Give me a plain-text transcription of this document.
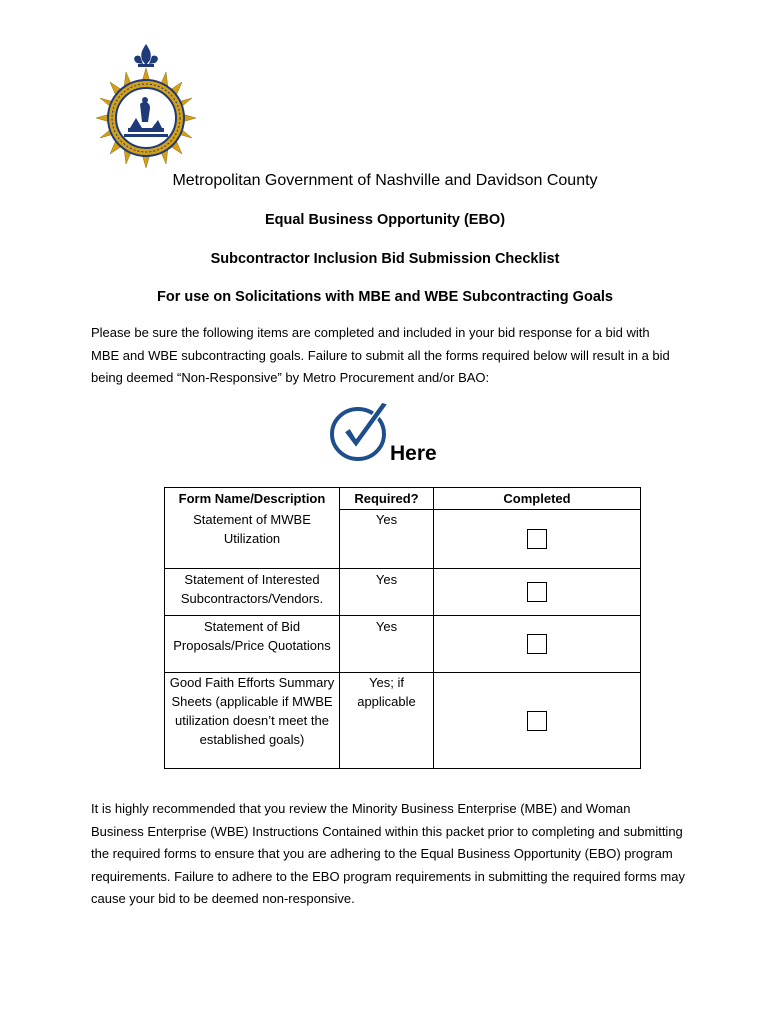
Metropolitan Government of Nashville and Davidson County
Equal Business Opportunity (EBO)
Subcontractor Inclusion Bid Submission Checklist
For use on Solicitations with MBE and WBE Subcontracting Goals
Please be sure the following items are completed and included in your bid response for a bid with MBE and WBE subcontracting goals. Failure to submit all the forms required below will result in a bid being deemed “Non-Responsive” by Metro Procurement and/or BAO:
Here
Form Name/Description	Required?	Completed
Statement of MWBE Utilization	Yes	

Statement of Interested Subcontractors/Vendors.	Yes	

Statement of Bid Proposals/Price Quotations	Yes	

Good Faith Efforts Summary Sheets (applicable if MWBE utilization doesn’t meet the established goals)	Yes; if applicable	
It is highly recommended that you review the Minority Business Enterprise (MBE) and Woman Business Enterprise (WBE) Instructions Contained within this packet prior to completing and submitting the required forms to ensure that you are adhering to the Equal Business Opportunity (EBO) program requirements. Failure to adhere to the EBO program requirements in submitting the required forms may cause your bid to be deemed non-responsive.
